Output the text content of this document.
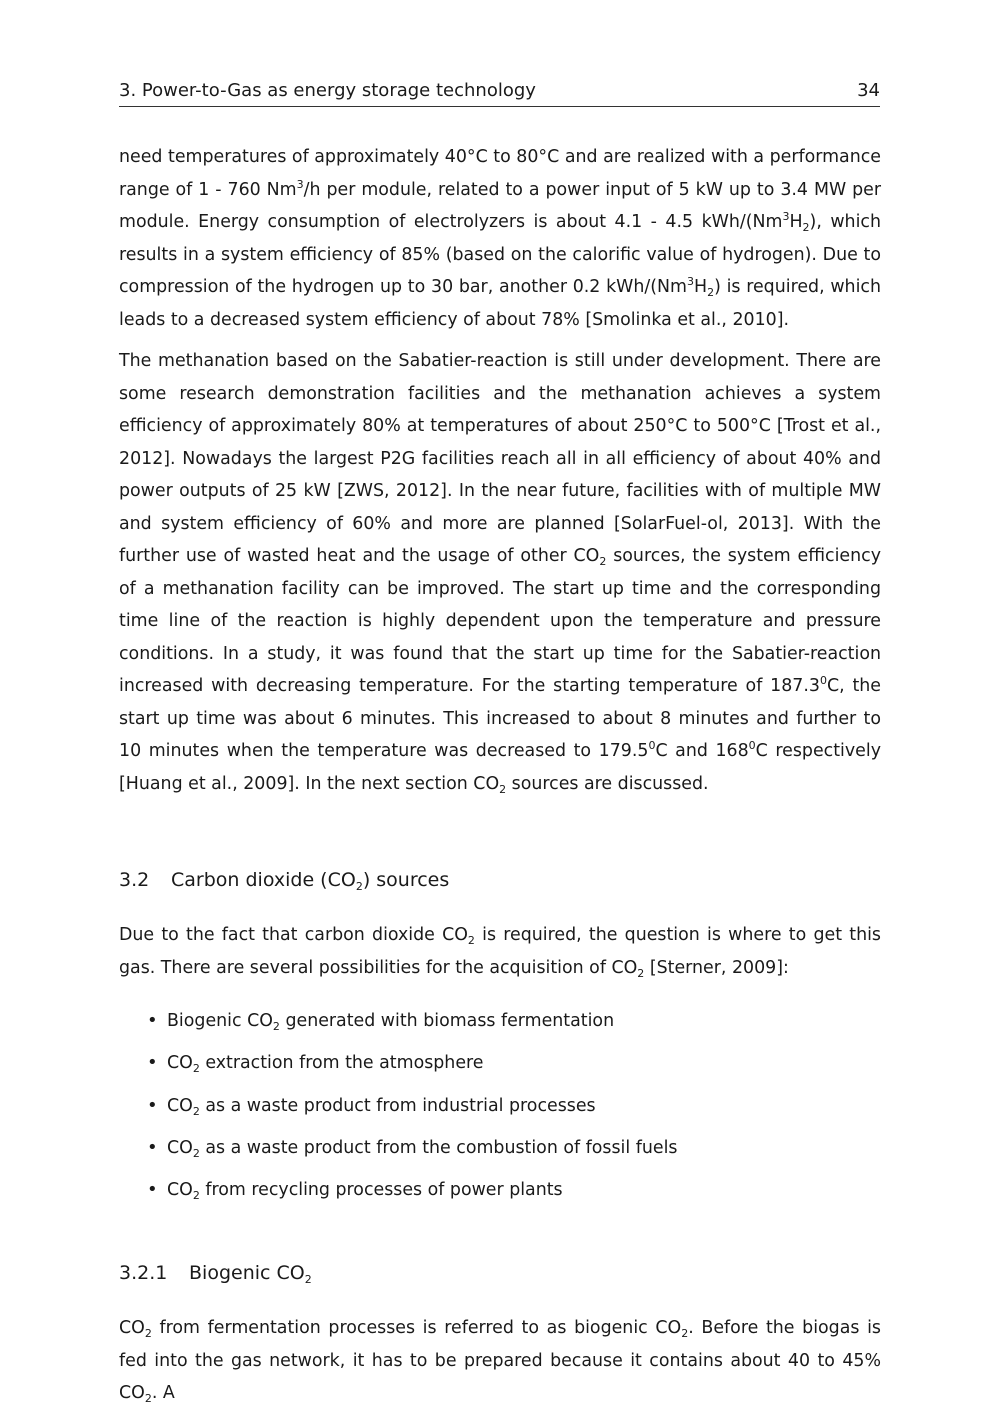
3. Power-to-Gas as energy storage technology	34

need temperatures of approximately 40°C to 80°C and are realized with a performance range of 1 - 760 Nm$^3$/h per module, related to a power input of 5 kW up to 3.4 MW per module. Energy consumption of electrolyzers is about 4.1 - 4.5 kWh/$(Nm^3H_2)$, which results in a system efficiency of 85% (based on the calorific value of hydrogen). Due to compression of the hydrogen up to 30 bar, another 0.2 kWh/$(Nm^3H_2)$ is required, which leads to a decreased system efficiency of about 78% [Smolinka et al., 2010].

The methanation based on the Sabatier-reaction is still under development. There are some research demonstration facilities and the methanation achieves a system efficiency of approximately 80% at temperatures of about 250°C to 500°C [Trost et al., 2012]. Nowadays the largest P2G facilities reach all in all efficiency of about 40% and power outputs of 25 kW [ZWS, 2012]. In the near future, facilities with of multiple MW and system efficiency of 60% and more are planned [SolarFuel-ol, 2013]. With the further use of wasted heat and the usage of other $CO_2$ sources, the system efficiency of a methanation facility can be improved. The start up time and the corresponding time line of the reaction is highly dependent upon the temperature and pressure conditions. In a study, it was found that the start up time for the Sabatier-reaction increased with decreasing temperature. For the starting temperature of 187.3$^0$C, the start up time was about 6 minutes. This increased to about 8 minutes and further to 10 minutes when the temperature was decreased to 179.5$^0$C and $168^0C$ respectively [Huang et al., 2009]. In the next section $CO_2$ sources are discussed.

3.2 Carbon dioxide $(CO_2)$ sources

Due to the fact that carbon dioxide $CO_2$ is required, the question is where to get this gas. There are several possibilities for the acquisition of $CO_2$ [Sterner, 2009]:

• Biogenic $CO_2$ generated with biomass fermentation
• $CO_2$ extraction from the atmosphere
• $CO_2$ as a waste product from industrial processes
• $CO_2$ as a waste product from the combustion of fossil fuels
• $CO_2$ from recycling processes of power plants
3.2.1 Biogenic $CO_2$

$CO_2$ from fermentation processes is referred to as biogenic $CO_2$. Before the biogas is fed into the gas network, it has to be prepared because it contains about 40 to 45% $CO_2$. A
